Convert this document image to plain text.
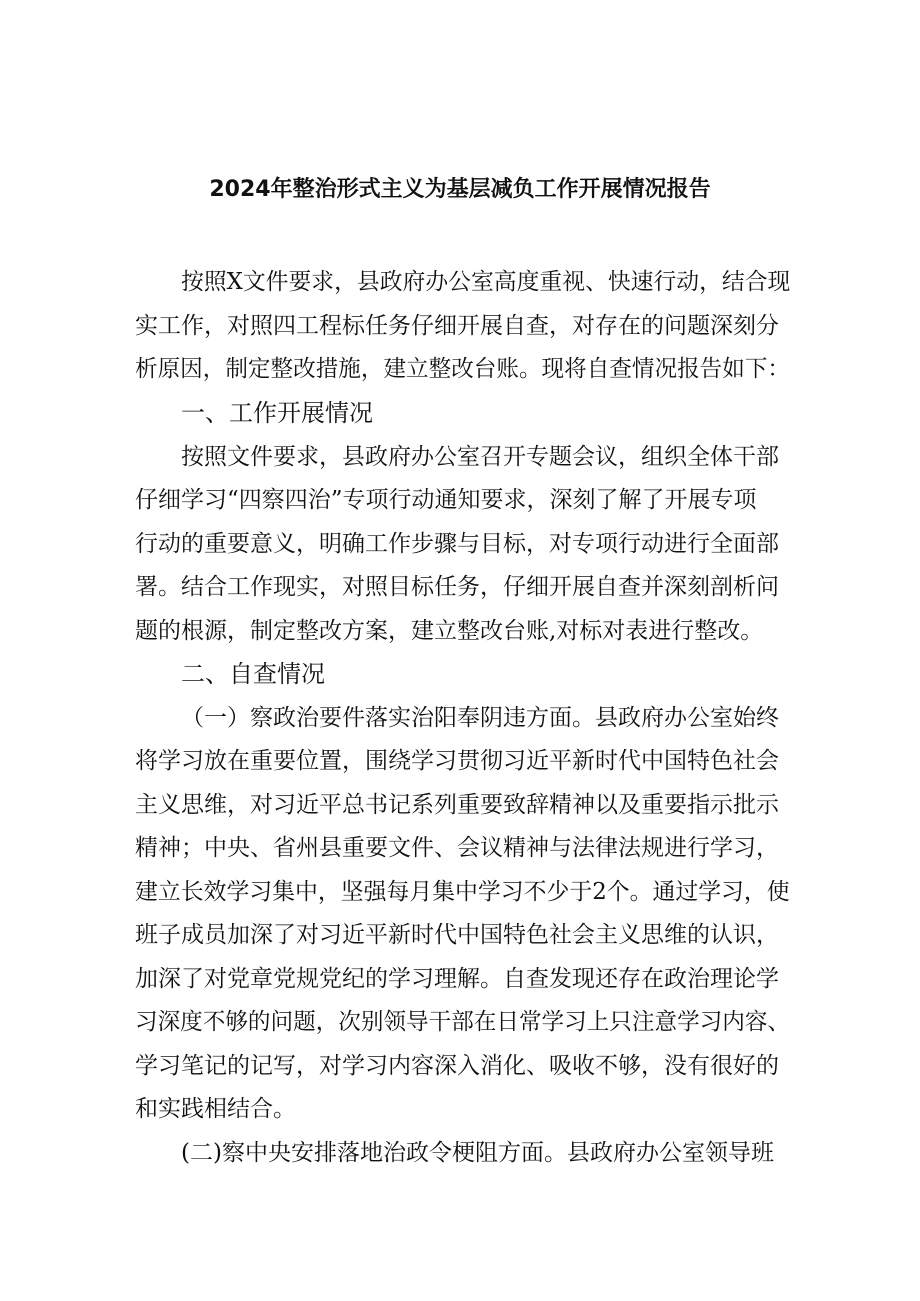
2024年整治形式主义为基层减负工作开展情况报告
按照X文件要求，县政府办公室高度重视、快速行动，结合现
实工作，对照四工程标任务仔细开展自查，对存在的问题深刻分
析原因，制定整改措施，建立整改台账。现将自查情况报告如下：
一、工作开展情况
按照文件要求，县政府办公室召开专题会议，组织全体干部
仔细学习“四察四治”专项行动通知要求，深刻了解了开展专项
行动的重要意义，明确工作步骤与目标，对专项行动进行全面部
署。结合工作现实，对照目标任务，仔细开展自查并深刻剖析问
题的根源，制定整改方案，建立整改台账,对标对表进行整改。
二、自查情况
（一）察政治要件落实治阳奉阴违方面。县政府办公室始终
将学习放在重要位置，围绕学习贯彻习近平新时代中国特色社会
主义思维，对习近平总书记系列重要致辞精神以及重要指示批示
精神；中央、省州县重要文件、会议精神与法律法规进行学习，
建立长效学习集中，坚强每月集中学习不少于2个。通过学习，使
班子成员加深了对习近平新时代中国特色社会主义思维的认识，
加深了对党章党规党纪的学习理解。自查发现还存在政治理论学
习深度不够的问题，次别领导干部在日常学习上只注意学习内容、
学习笔记的记写，对学习内容深入消化、吸收不够，没有很好的
和实践相结合。
(二)察中央安排落地治政令梗阻方面。县政府办公室领导班
